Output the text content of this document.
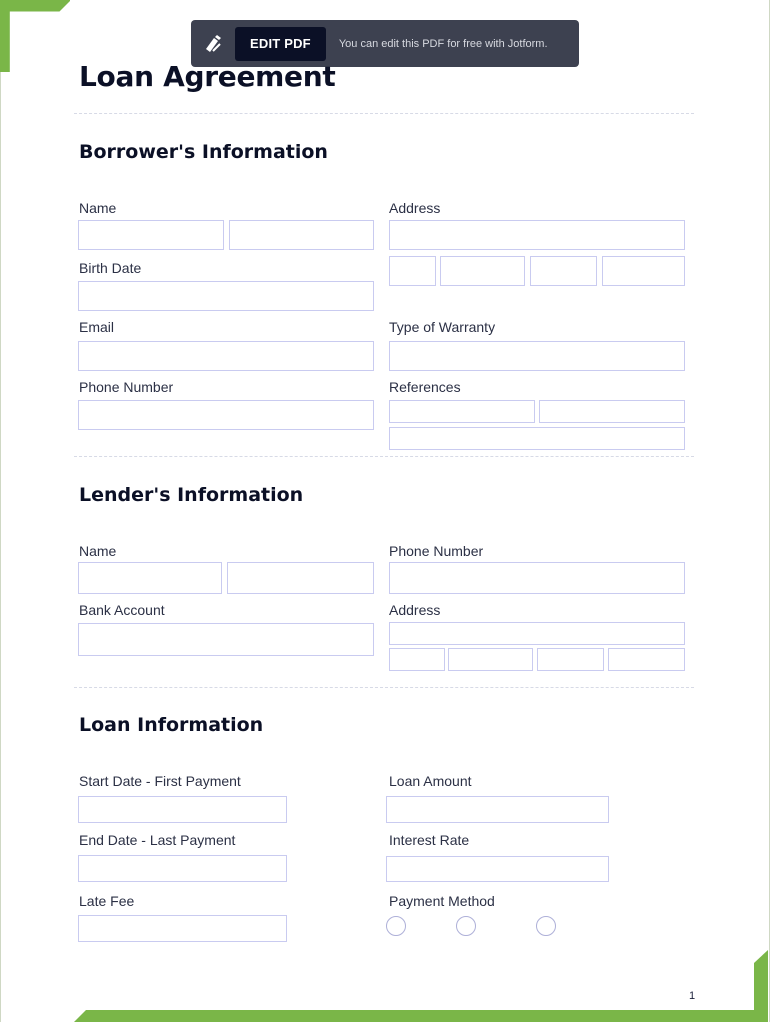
EDIT PDF	You can edit this PDF for free with Jotform.
Loan Agreement
Borrower's Information
Name	Address
Birth Date
Email	Type of Warranty
Phone Number	References
Lender's Information
Name	Phone Number
Bank Account	Address
Loan Information
Start Date - First Payment	Loan Amount
End Date - Last Payment	Interest Rate
Late Fee	Payment Method
1
